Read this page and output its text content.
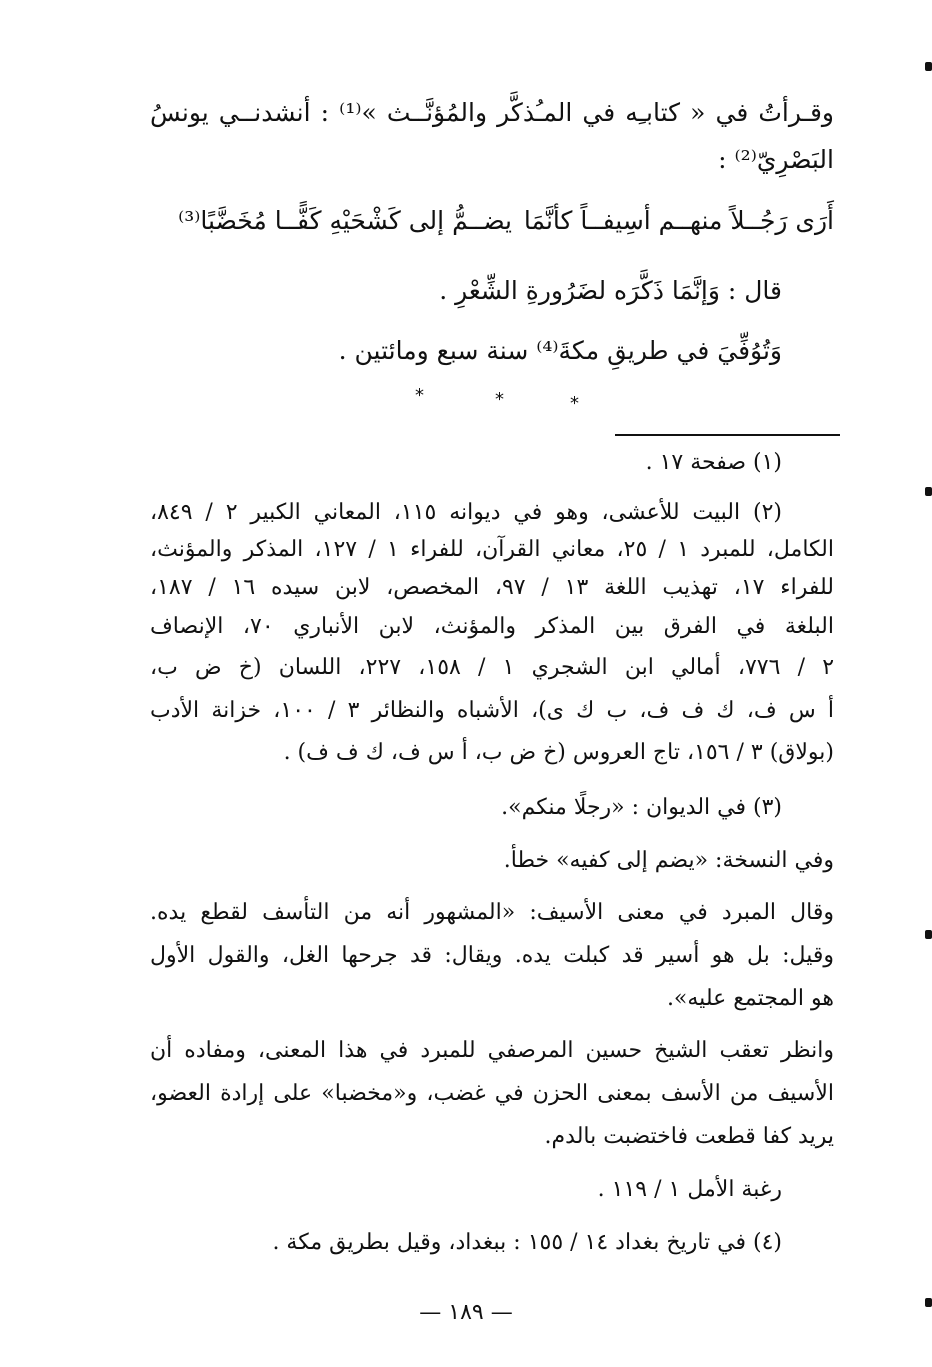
وقـرأتُ في « كتابـِه في المـُذكَّر والمُؤنَّــث »⁽¹⁾ : أنشدنــي يونسُ
البَصْرِيّ⁽²⁾ :
أَرَى رَجُــلاً منهــم أسِيفــاً كأنَّمَا
يضــمُّ إلى كَشْحَيْهِ كَفًّــا مُخَضَّبًا⁽³⁾
قال : وَإنَّمَا ذَكَّرَه لضَرُورةِ الشِّعْرِ .
وَتُوُفِّيَ في طريقِ مكةَ⁽⁴⁾ سنة سبع ومائتين .
*	*	*
(١) صفحة ١٧ .
(٢) البيت للأعشى، وهو في ديوانه ١١٥، المعاني الكبير ٢ / ٨٤٩،
الكامل، للمبرد ١ / ٢٥، معاني القرآن، للفراء ١ / ١٢٧، المذكر والمؤنث،
للفراء ١٧، تهذيب اللغة ١٣ / ٩٧، المخصص، لابن سيده ١٦ / ١٨٧،
البلغة في الفرق بين المذكر والمؤنث، لابن الأنباري ٧٠، الإنصاف
٢ / ٧٧٦، أمالي ابن الشجري ١ / ١٥٨، ٢٢٧، اللسان (خ ض ب،
أ س ف، ك ف ف، ب ك ى)، الأشباه والنظائر ٣ / ١٠٠، خزانة الأدب
(بولاق) ٣ / ١٥٦، تاج العروس (خ ض ب، أ س ف، ك ف ف) .
(٣) في الديوان : «رجلًا منكم».
وفي النسخة: «يضم إلى كفيه» خطأ.
وقال المبرد في معنى الأسيف: «المشهور أنه من التأسف لقطع يده.
وقيل: بل هو أسير قد كبلت يده. ويقال: قد جرحها الغل، والقول الأول
هو المجتمع عليه».
وانظر تعقب الشيخ حسين المرصفي للمبرد في هذا المعنى، ومفاده أن
الأسيف من الأسف بمعنى الحزن في غضب، و«مخضبا» على إرادة العضو،
يريد كفا قطعت فاختضبت بالدم.
رغبة الأمل ١ / ١١٩ .
(٤) في تاريخ بغداد ١٤ / ١٥٥ : ببغداد، وقيل بطريق مكة .
— ١٨٩ —
